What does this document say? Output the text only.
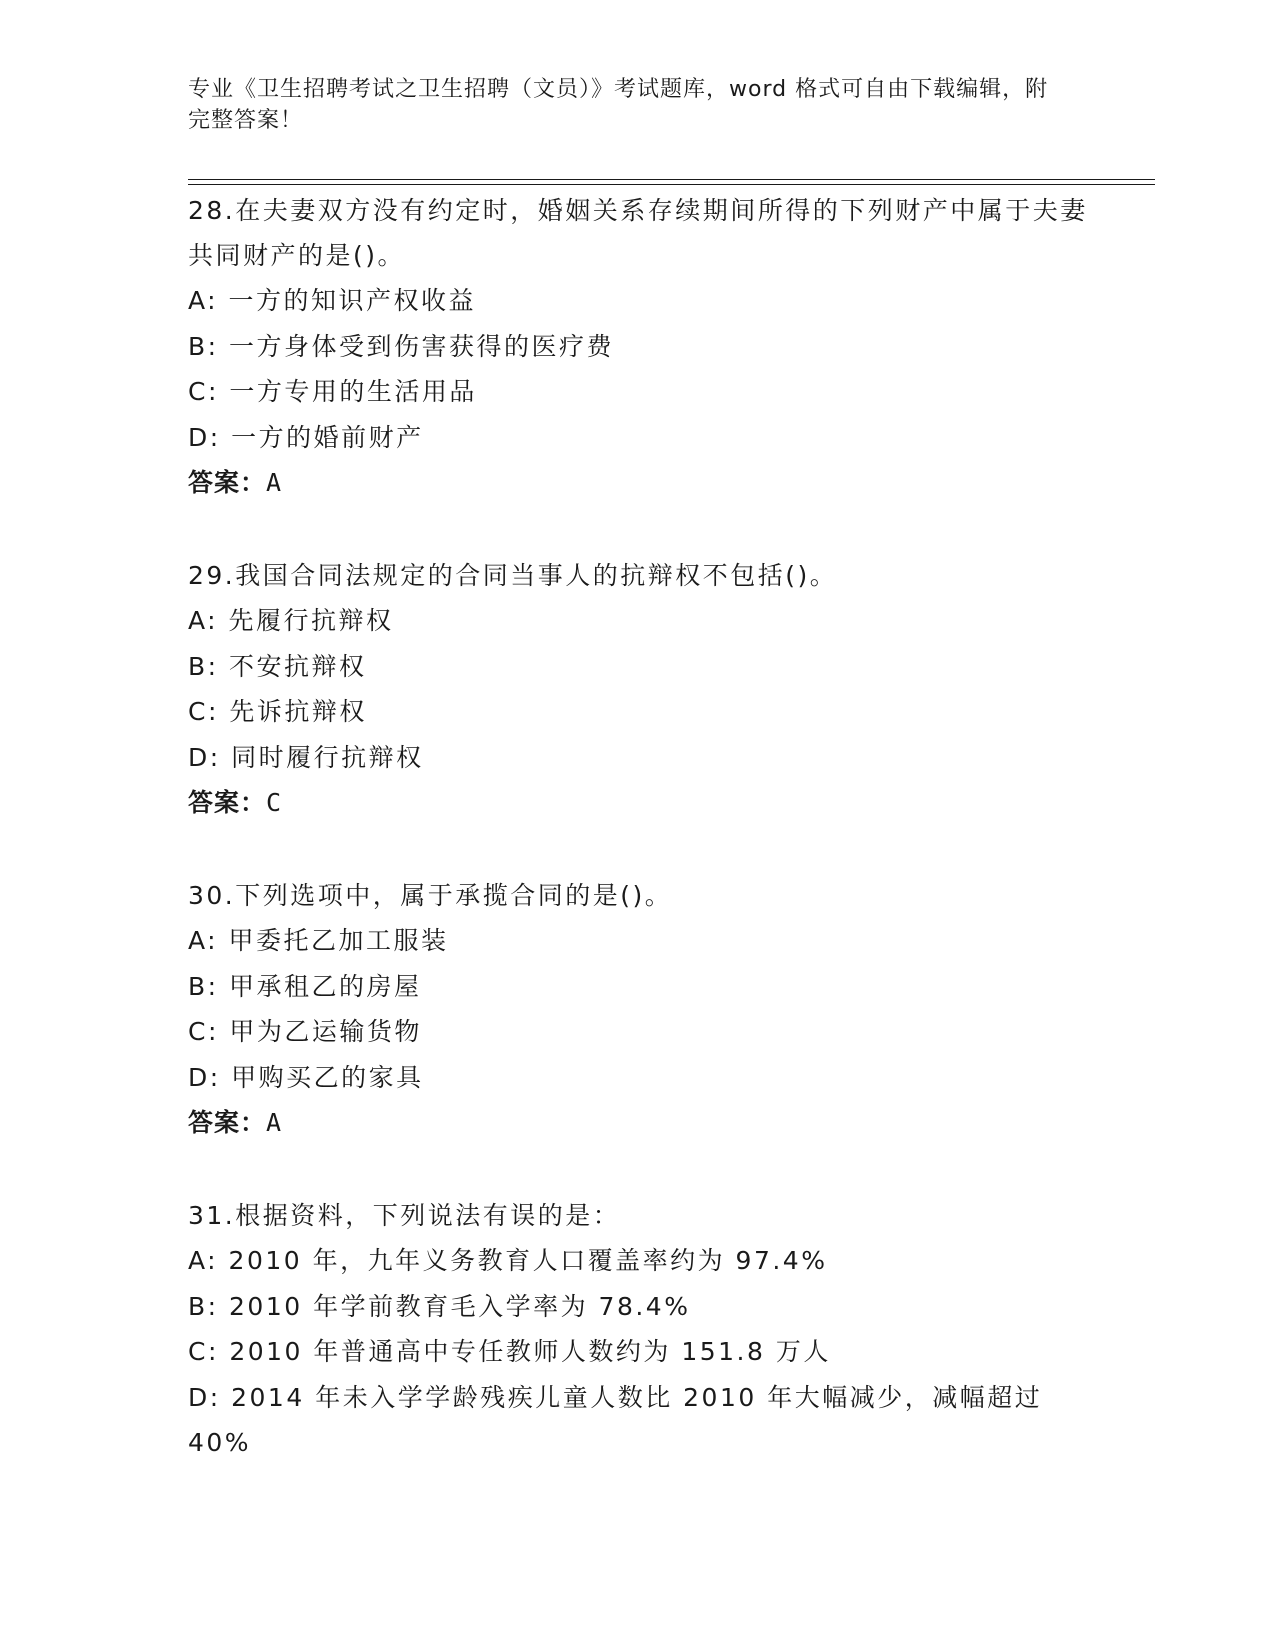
专业《卫生招聘考试之卫生招聘（文员）》考试题库，word 格式可自由下载编辑，附完整答案！

28.在夫妻双方没有约定时，婚姻关系存续期间所得的下列财产中属于夫妻共同财产的是()。

A: 一方的知识产权收益

B: 一方身体受到伤害获得的医疗费

C: 一方专用的生活用品

D: 一方的婚前财产

答案：A

29.我国合同法规定的合同当事人的抗辩权不包括()。

A: 先履行抗辩权

B: 不安抗辩权

C: 先诉抗辩权

D: 同时履行抗辩权

答案：C

30.下列选项中，属于承揽合同的是()。

A: 甲委托乙加工服装

B: 甲承租乙的房屋

C: 甲为乙运输货物

D: 甲购买乙的家具

答案：A

31.根据资料，下列说法有误的是：

A: 2010 年，九年义务教育人口覆盖率约为 97.4%

B: 2010 年学前教育毛入学率为 78.4%

C: 2010 年普通高中专任教师人数约为 151.8 万人

D: 2014 年未入学学龄残疾儿童人数比 2010 年大幅减少，减幅超过 40%
